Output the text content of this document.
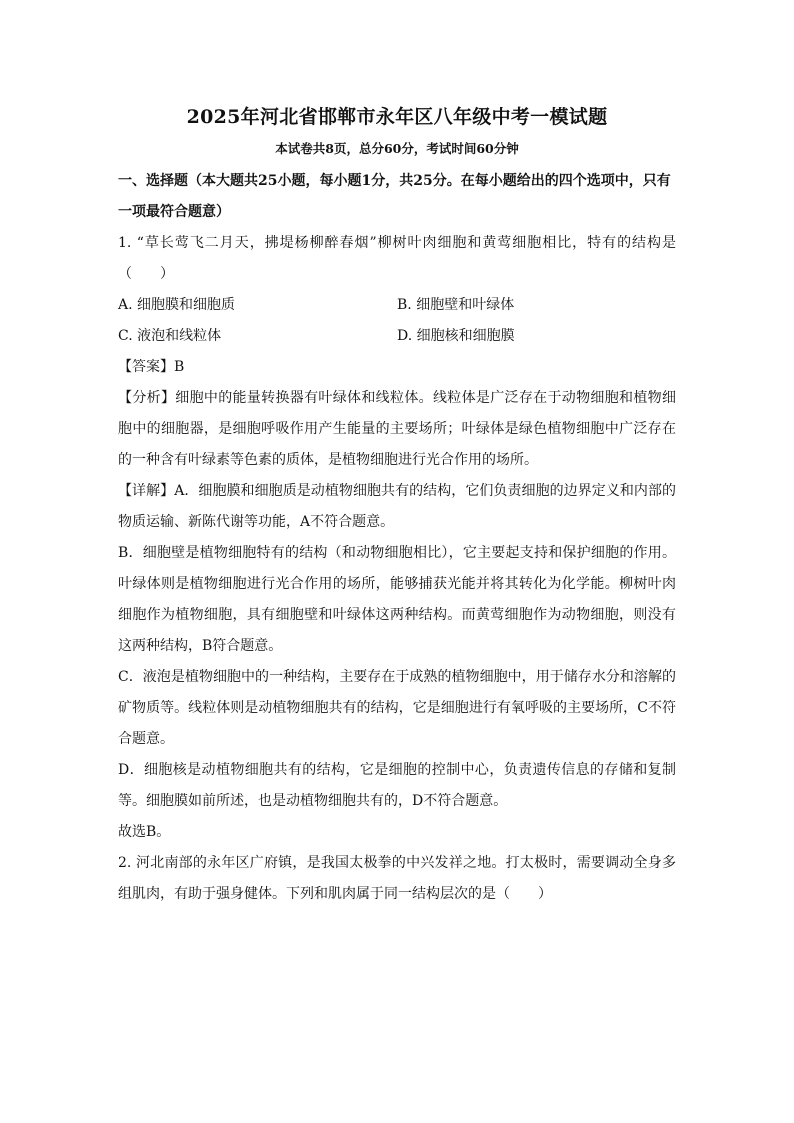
2025年河北省邯郸市永年区八年级中考一模试题
本试卷共8页，总分60分，考试时间60分钟
一、选择题（本大题共25小题，每小题1分，共25分。在每小题给出的四个选项中，只有一项最符合题意）
1. “草长莺飞二月天，拂堤杨柳醉春烟”柳树叶肉细胞和黄莺细胞相比，特有的结构是（　　）
A. 细胞膜和细胞质	B. 细胞壁和叶绿体
C. 液泡和线粒体	D. 细胞核和细胞膜
【答案】B
【分析】细胞中的能量转换器有叶绿体和线粒体。线粒体是广泛存在于动物细胞和植物细胞中的细胞器，是细胞呼吸作用产生能量的主要场所；叶绿体是绿色植物细胞中广泛存在的一种含有叶绿素等色素的质体，是植物细胞进行光合作用的场所。
【详解】A．细胞膜和细胞质是动植物细胞共有的结构，它们负责细胞的边界定义和内部的物质运输、新陈代谢等功能，A不符合题意。
B．细胞壁是植物细胞特有的结构（和动物细胞相比），它主要起支持和保护细胞的作用。叶绿体则是植物细胞进行光合作用的场所，能够捕获光能并将其转化为化学能。柳树叶肉细胞作为植物细胞，具有细胞壁和叶绿体这两种结构。而黄莺细胞作为动物细胞，则没有这两种结构，B符合题意。
C．液泡是植物细胞中的一种结构，主要存在于成熟的植物细胞中，用于储存水分和溶解的矿物质等。线粒体则是动植物细胞共有的结构，它是细胞进行有氧呼吸的主要场所，C不符合题意。
D．细胞核是动植物细胞共有的结构，它是细胞的控制中心，负责遗传信息的存储和复制等。细胞膜如前所述，也是动植物细胞共有的，D不符合题意。
故选B。
2. 河北南部的永年区广府镇，是我国太极拳的中兴发祥之地。打太极时，需要调动全身多组肌肉，有助于强身健体。下列和肌肉属于同一结构层次的是（　　）
